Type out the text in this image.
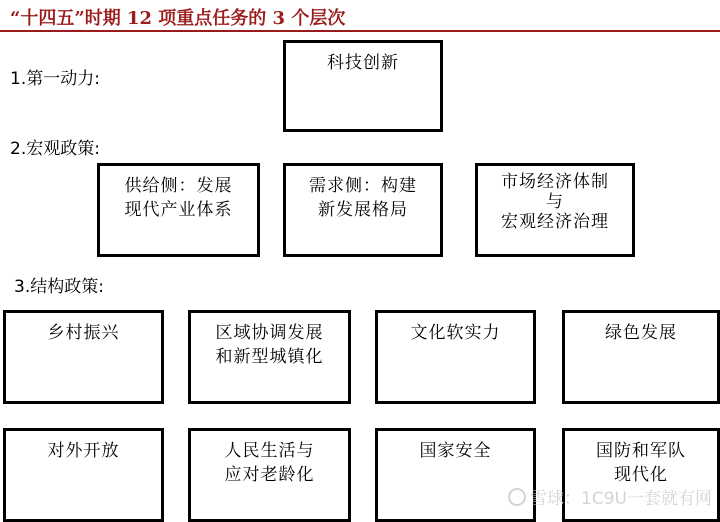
“十四五”时期 12 项重点任务的 3 个层次
1.第一动力:
科技创新
2.宏观政策:
供给侧：发展
现代产业体系
需求侧：构建
新发展格局
市场经济体制
与
宏观经济治理
3.结构政策:
乡村振兴	区域协调发展
和新型城镇化
文化软实力	绿色发展
对外开放	人民生活与
应对老龄化
国家安全	国防和军队
现代化
雪球：1C9U一套就有网
